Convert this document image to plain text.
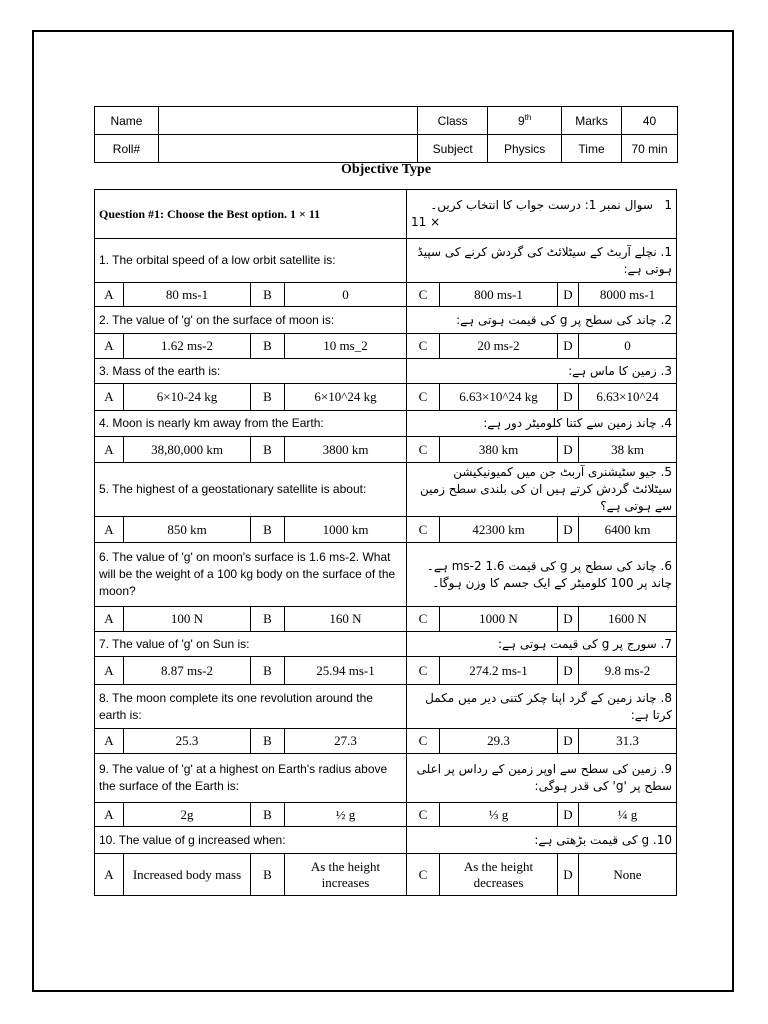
Name		Class	9th	Marks	40
Roll#		Subject	Physics	Time	70 min
Objective Type
Question #1: Choose the Best option. 1 × 11				1   سوال نمبر 1: درست جواب کا انتخاب کریں۔
11 ×			

1. The orbital speed of a low orbit satellite is:				1. نچلے آربٹ کے سیٹلائٹ کی گردش کرنے کی سپیڈ ہوتی ہے:			
A	80 ms-1	B	0	C	800 ms-1	D	8000 ms-1
2. The value of 'g' on the surface of moon is:				2. چاند کی سطح پر g کی قیمت ہوتی ہے:			
A	1.62 ms-2	B	10 ms_2	C	20 ms-2	D	0
3. Mass of the earth is:				3. زمین کا ماس ہے:			
A	6×10-24 kg	B	6×10^24 kg	C	6.63×10^24 kg	D	6.63×10^24
4. Moon is nearly km away from the Earth:				4. چاند زمین سے کتنا کلومیٹر دور ہے:			
A	38,80,000 km	B	3800 km	C	380 km	D	38 km
5. The highest of a geostationary satellite is about:				5. جیو سٹیشنری آربٹ جن میں کمیونیکیشن سیٹلائٹ گردش کرتے ہیں ان کی بلندی سطح زمین سے ہوتی ہے؟			
A	850 km	B	1000 km	C	42300 km	D	6400 km
6. The value of 'g' on moon's surface is 1.6 ms-2. What will be the weight of a 100 kg body on the surface of the moon?				6. چاند کی سطح پر g کی قیمت 1.6 ms-2 ہے۔ چاند پر 100 کلومیٹر کے ایک جسم کا وزن ہوگا۔			
A	100 N	B	160 N	C	1000 N	D	1600 N
7. The value of 'g' on Sun is:				7. سورج پر g کی قیمت ہوتی ہے:			
A	8.87 ms-2	B	25.94 ms-1	C	274.2 ms-1	D	9.8 ms-2
8. The moon complete its one revolution around the earth is:				8. چاند زمین کے گرد اپنا چکر کتنی دیر میں مکمل کرتا ہے:			
A	25.3	B	27.3	C	29.3	D	31.3
9. The value of 'g' at a highest on Earth's radius above the surface of the Earth is:				9. زمین کی سطح سے اوپر زمین کے رداس پر اعلی سطح پر 'g' کی قدر ہوگی:			
A	2g	B	½ g	C	⅓ g	D	¼ g
10. The value of g increased when:				10. g کی قیمت بڑھتی ہے:			
A	Increased body mass	B	As the height increases	C	As the height decreases	D	None
